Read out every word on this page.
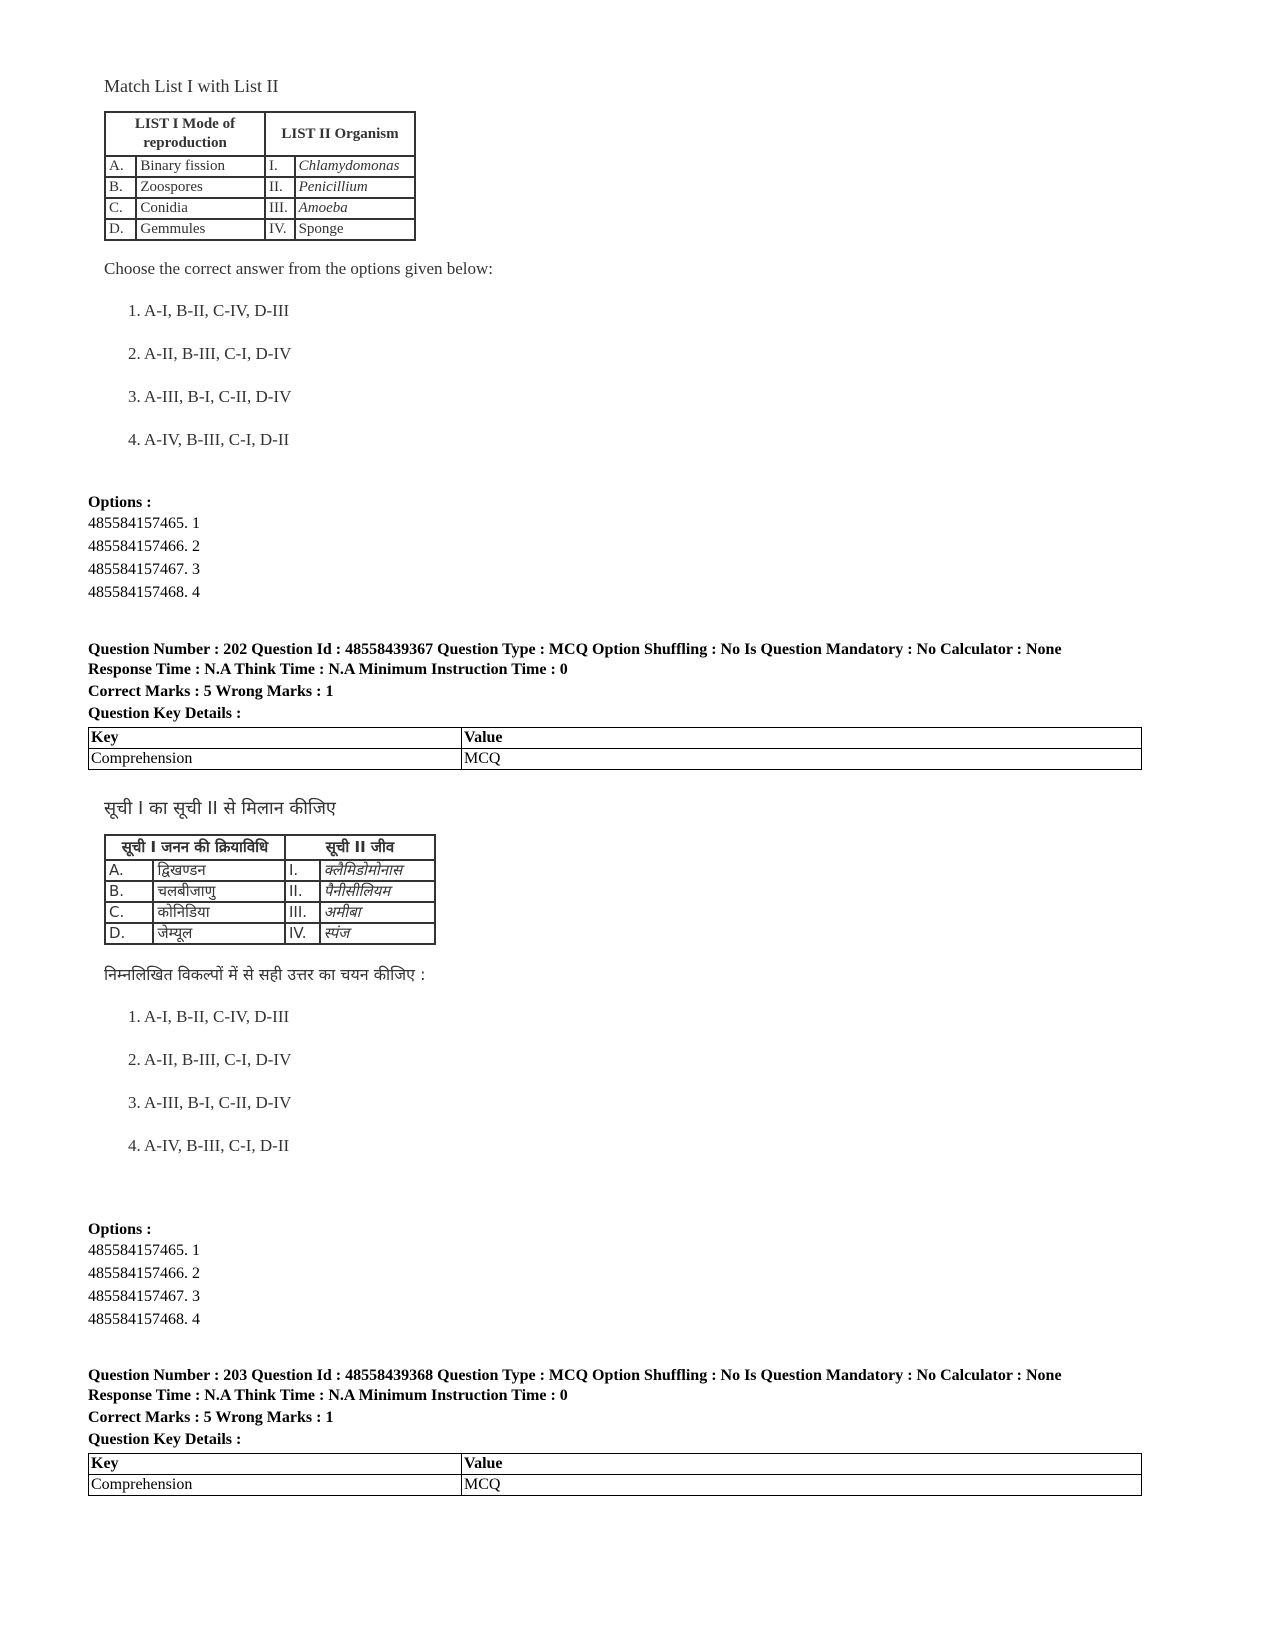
Match List I with List II
LIST I Mode of reproduction		LIST II Organism	
A.	Binary fission	I.	Chlamydomonas
B.	Zoospores	II.	Penicillium
C.	Conidia	III.	Amoeba
D.	Gemmules	IV.	Sponge
Choose the correct answer from the options given below:
1. A-I, B-II, C-IV, D-III
2. A-II, B-III, C-I, D-IV
3. A-III, B-I, C-II, D-IV
4. A-IV, B-III, C-I, D-II
Options :
485584157465. 1
485584157466. 2
485584157467. 3
485584157468. 4
Question Number : 202 Question Id : 48558439367 Question Type : MCQ Option Shuffling : No Is Question Mandatory : No Calculator : None
Response Time : N.A Think Time : N.A Minimum Instruction Time : 0
Correct Marks : 5 Wrong Marks : 1
Question Key Details :
Key	Value
Comprehension	MCQ
सूची I का सूची II से मिलान कीजिए
सूची I जनन की क्रियाविधि		सूची II जीव	
A.	द्विखण्डन	I.	क्लैमिडोमोनास
B.	चलबीजाणु	II.	पैनीसीलियम
C.	कोनिडिया	III.	अमीबा
D.	जेम्यूल	IV.	स्पंज
निम्नलिखित विकल्पों में से सही उत्तर का चयन कीजिए :
1. A-I, B-II, C-IV, D-III
2. A-II, B-III, C-I, D-IV
3. A-III, B-I, C-II, D-IV
4. A-IV, B-III, C-I, D-II
Options :
485584157465. 1
485584157466. 2
485584157467. 3
485584157468. 4
Question Number : 203 Question Id : 48558439368 Question Type : MCQ Option Shuffling : No Is Question Mandatory : No Calculator : None
Response Time : N.A Think Time : N.A Minimum Instruction Time : 0
Correct Marks : 5 Wrong Marks : 1
Question Key Details :
Key	Value
Comprehension	MCQ
